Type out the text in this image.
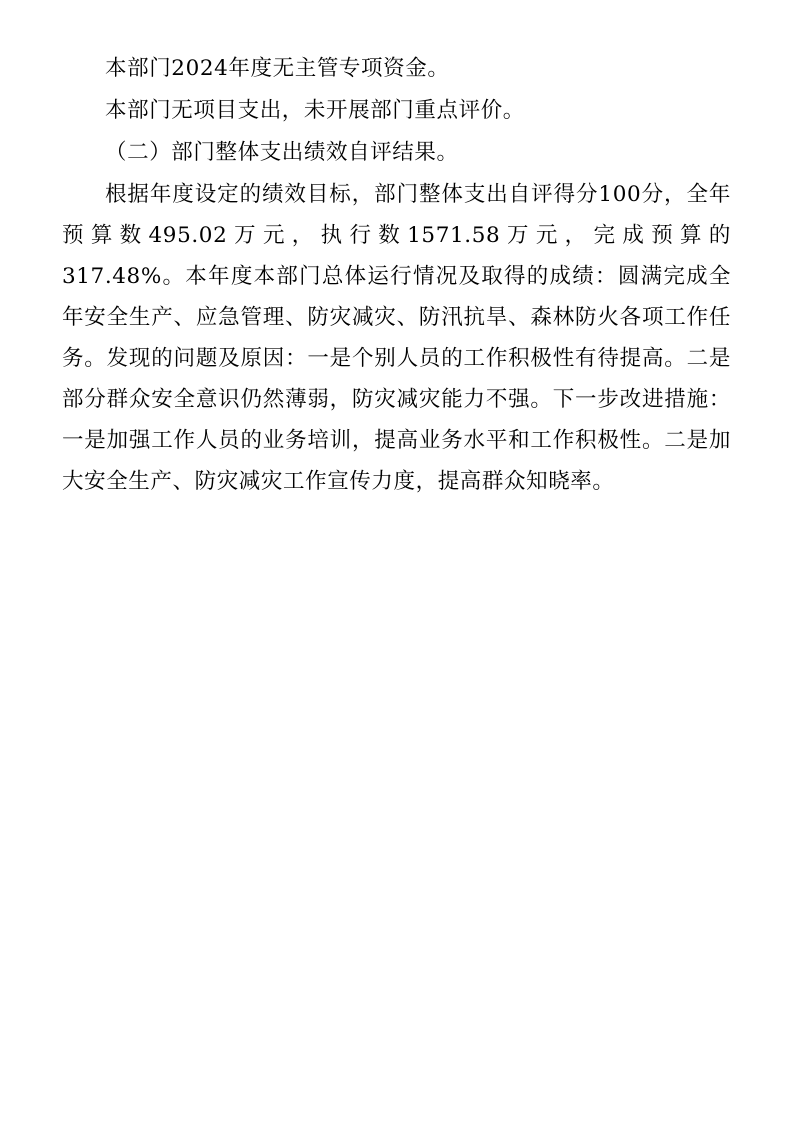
本部门2024年度无主管专项资金。

本部门无项目支出，未开展部门重点评价。

（二）部门整体支出绩效自评结果。

根据年度设定的绩效目标，部门整体支出自评得分100分，全年预算数495.02万元，执行数1571.58万元，完成预算的317.48%。本年度本部门总体运行情况及取得的成绩：圆满完成全年安全生产、应急管理、防灾减灾、防汛抗旱、森林防火各项工作任务。发现的问题及原因：一是个别人员的工作积极性有待提高。二是部分群众安全意识仍然薄弱，防灾减灾能力不强。下一步改进措施：一是加强工作人员的业务培训，提高业务水平和工作积极性。二是加大安全生产、防灾减灾工作宣传力度，提高群众知晓率。
